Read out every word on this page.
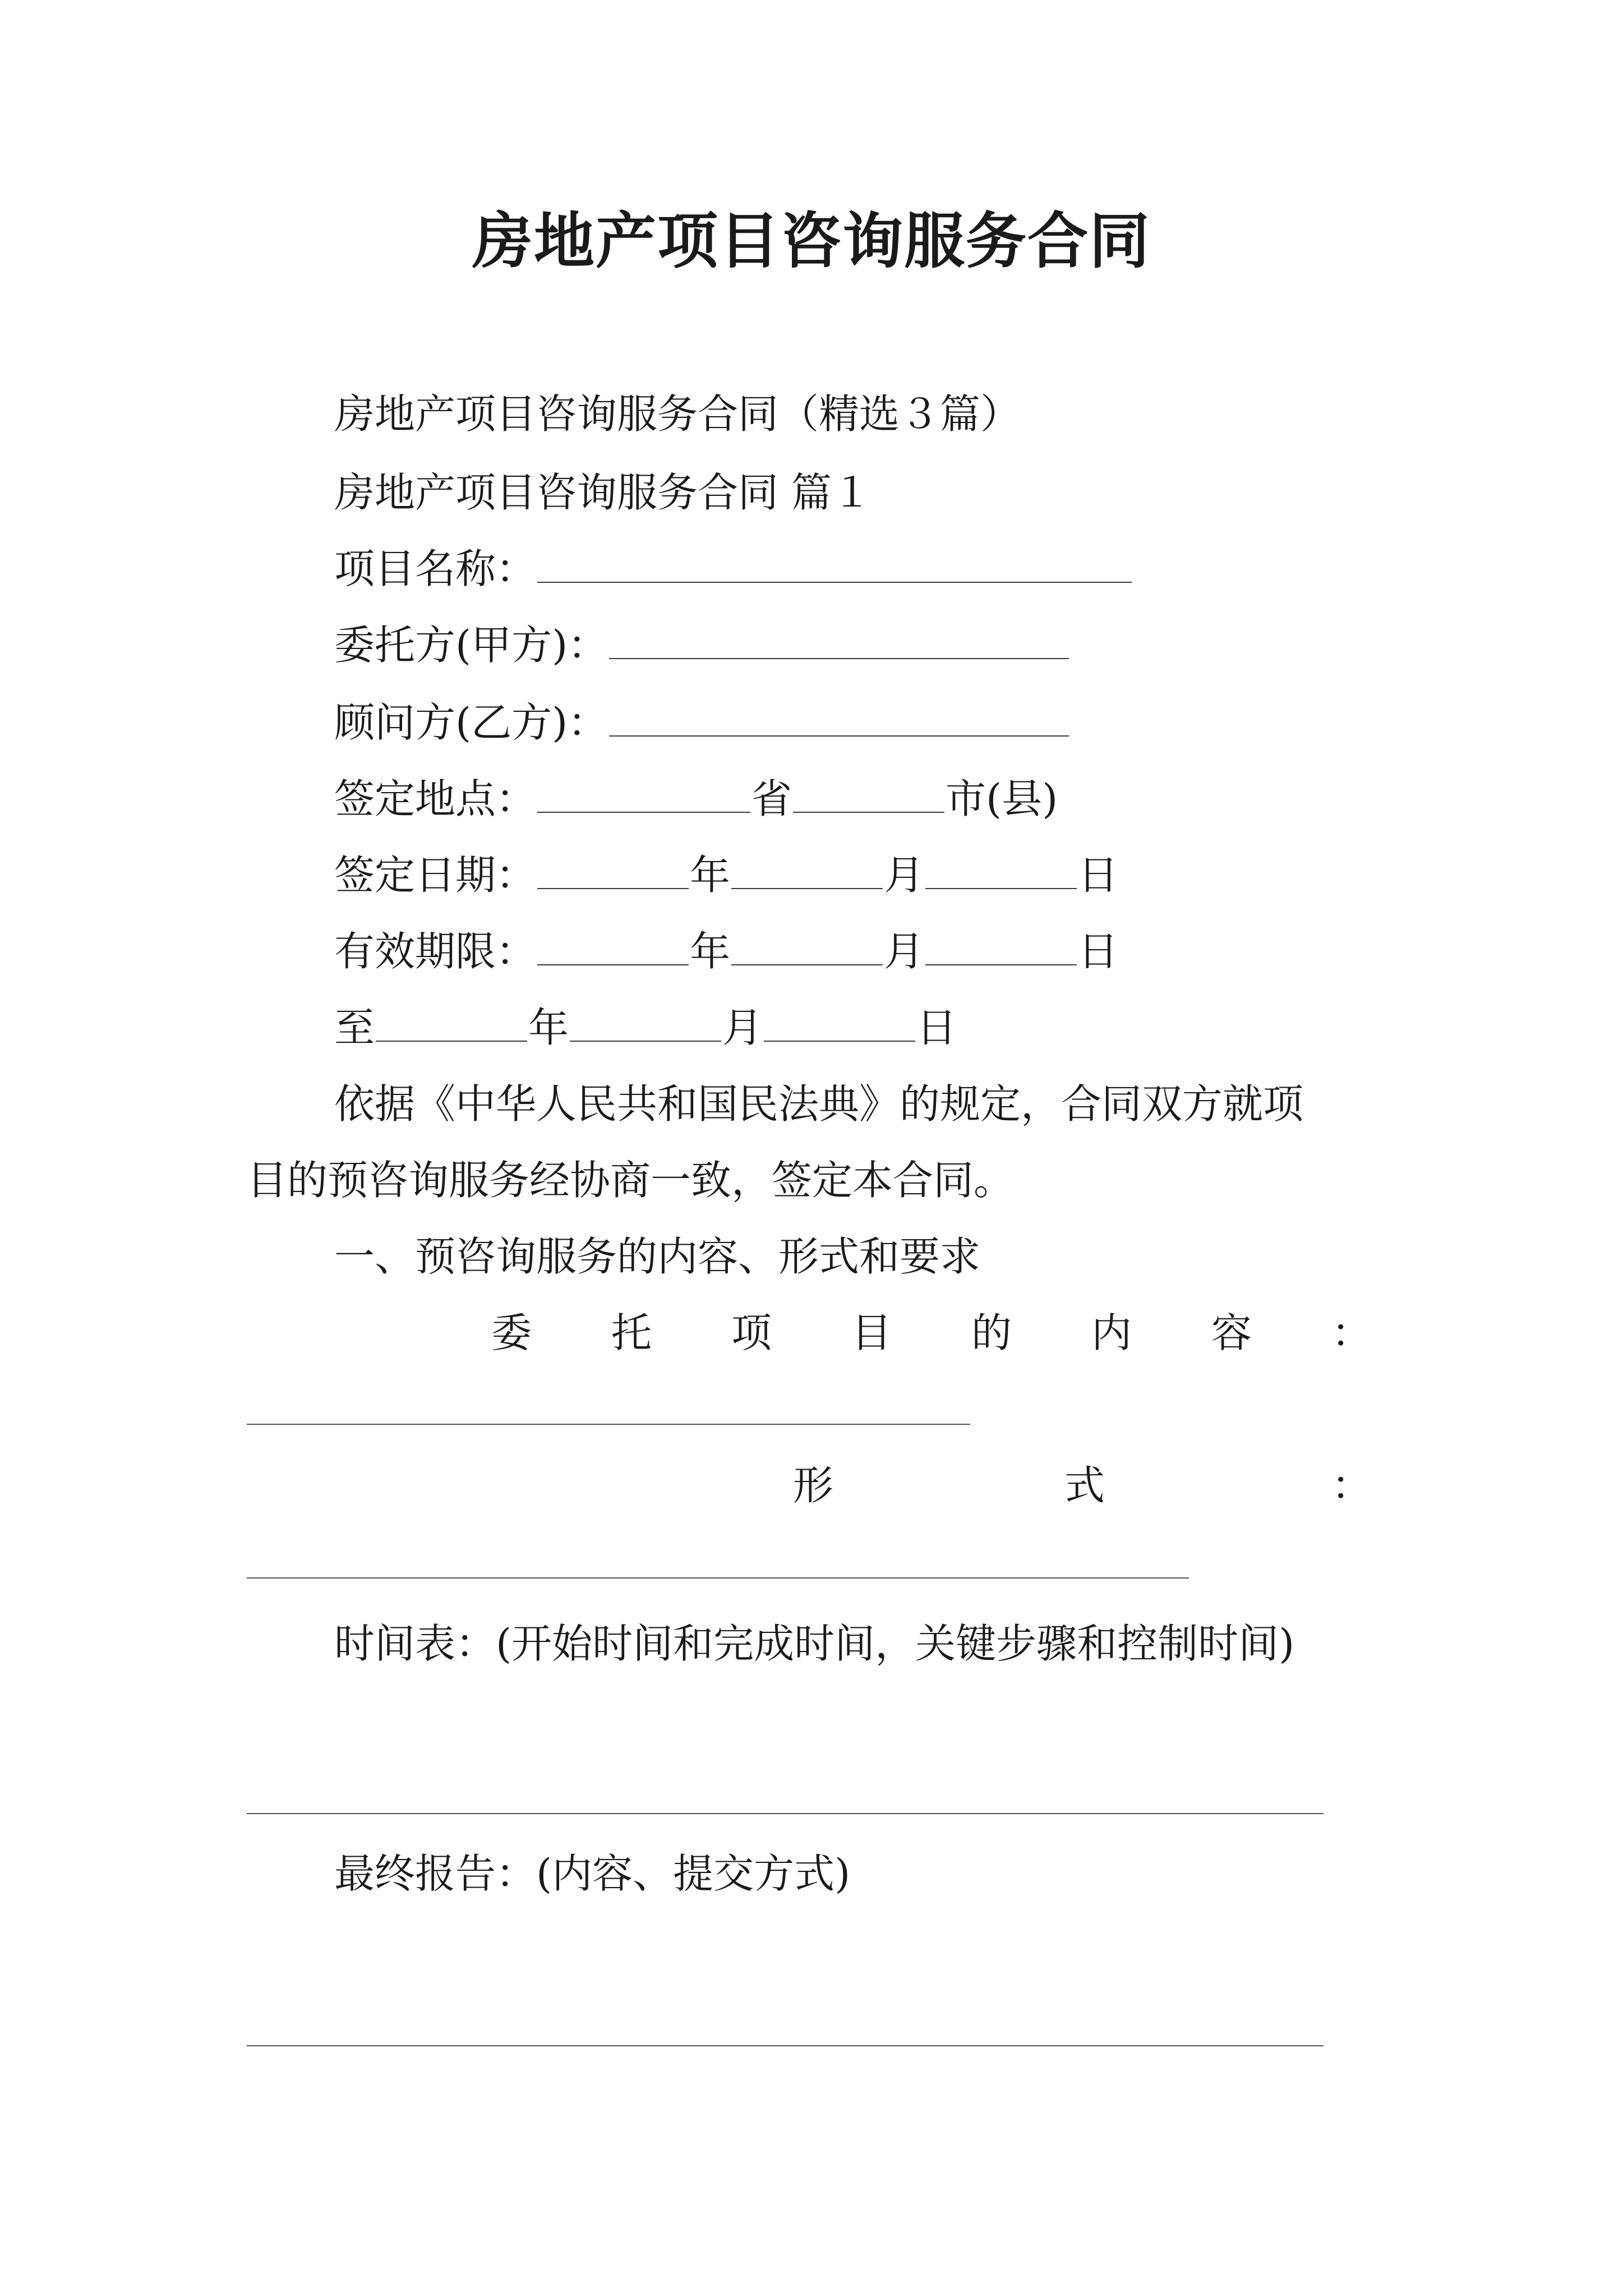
房地产项目咨询服务合同
房地产项目咨询服务合同（精选３篇）
房地产项目咨询服务合同 篇１
项目名称：
委托方(甲方)：
顾问方(乙方)：
签定地点：	省	市(县)
签定日期：	年	月	日
有效期限：	年	月	日
至	年	月	日
依据《中华人民共和国民法典》的规定，合同双方就项
目的预咨询服务经协商一致，签定本合同。
一、预咨询服务的内容、形式和要求
委 托 项 目 的 内 容 ：
形	式	：
时间表：(开始时间和完成时间，关键步骤和控制时间)
最终报告：(内容、提交方式)
